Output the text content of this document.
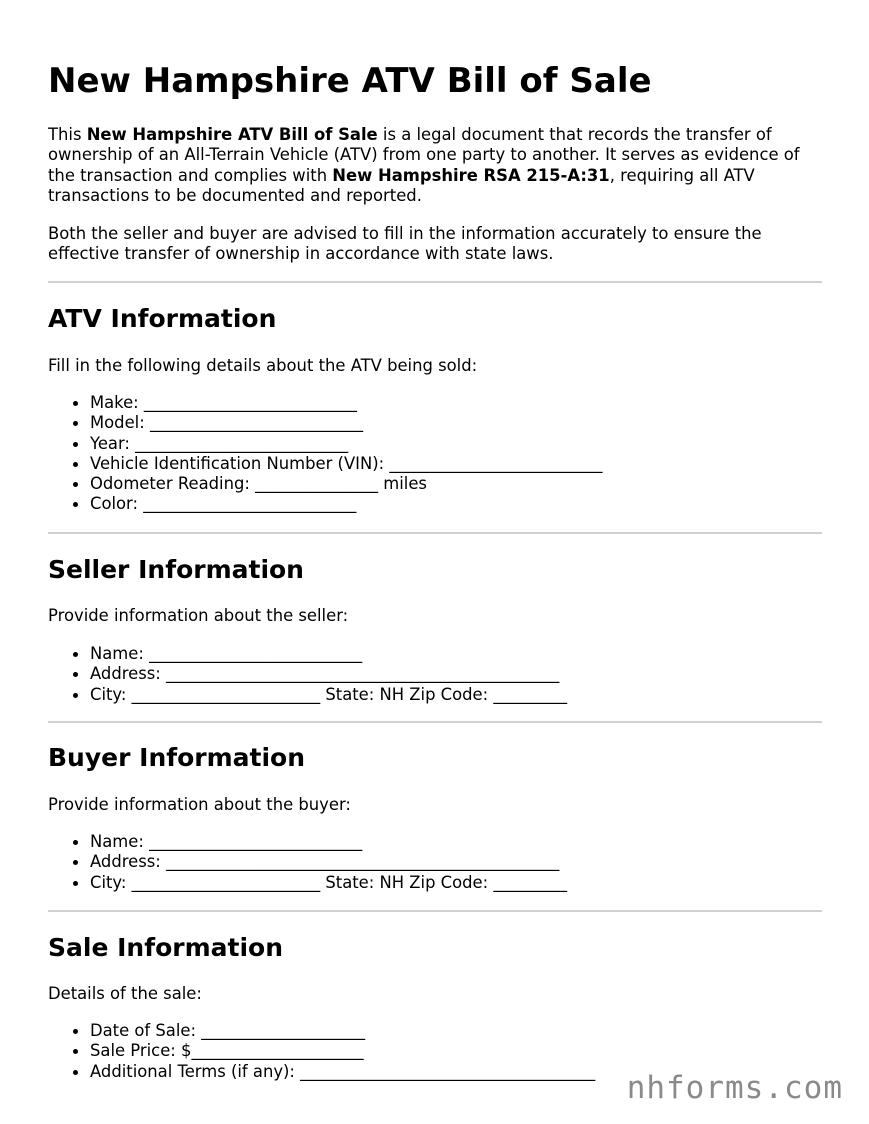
New Hampshire ATV Bill of Sale

This New Hampshire ATV Bill of Sale is a legal document that records the transfer of ownership of an All-Terrain Vehicle (ATV) from one party to another. It serves as evidence of the transaction and complies with New Hampshire RSA 215-A:31, requiring all ATV transactions to be documented and reported.

Both the seller and buyer are advised to fill in the information accurately to ensure the effective transfer of ownership in accordance with state laws.

ATV Information

Fill in the following details about the ATV being sold:

Make: __________________________
Model: __________________________
Year: __________________________
Vehicle Identification Number (VIN): __________________________
Odometer Reading: _______________ miles
Color: __________________________
Seller Information

Provide information about the seller:

Name: __________________________
Address: ________________________________________________
City: _______________________ State: NH Zip Code: _________
Buyer Information

Provide information about the buyer:

Name: __________________________
Address: ________________________________________________
City: _______________________ State: NH Zip Code: _________
Sale Information

Details of the sale:

Date of Sale: ____________________
Sale Price: $_____________________
Additional Terms (if any): ____________________________________ nhforms.com
